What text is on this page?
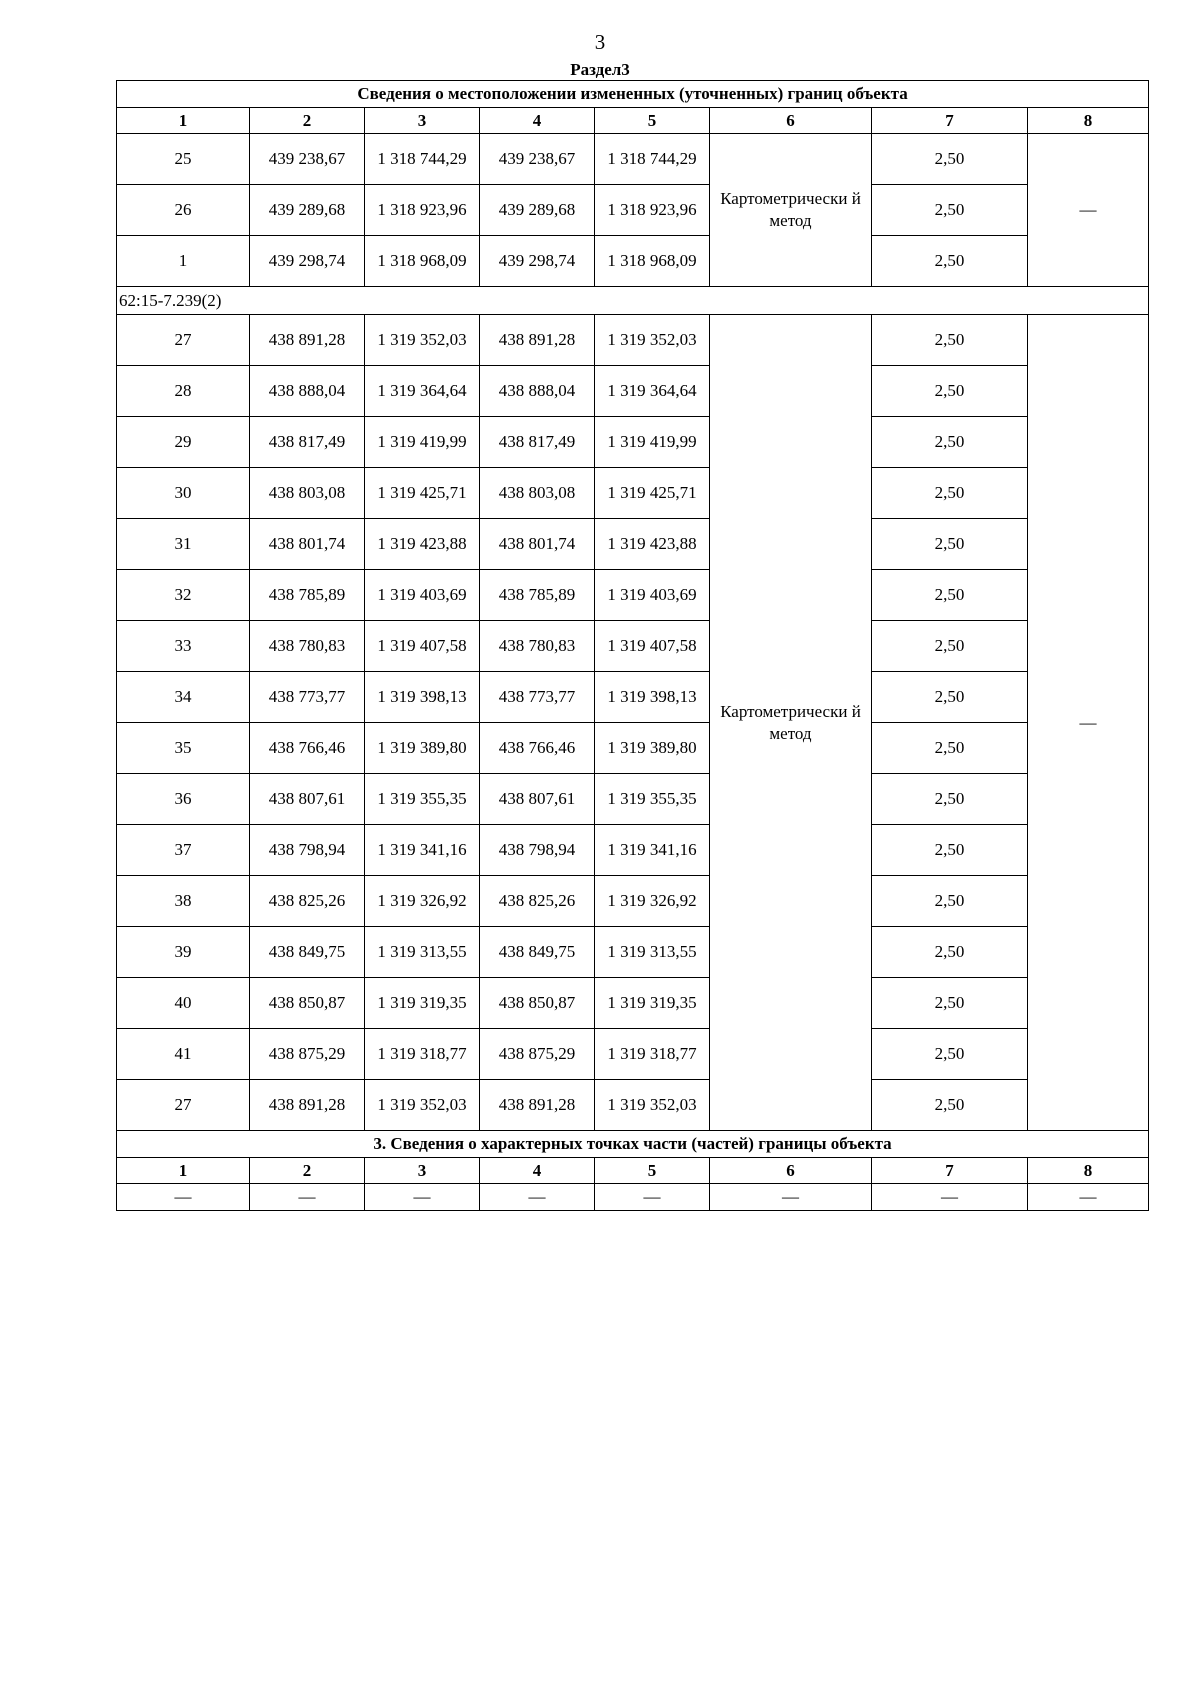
3
Раздел3
Сведения о местоположении измененных (уточненных) границ объекта							
1	2	3	4	5	6	7	8
25	439 238,67	1 318 744,29	439 238,67	1 318 744,29	Картометрически й метод	2,50	—
26	439 289,68	1 318 923,96	439 289,68	1 318 923,96		2,50	
1	439 298,74	1 318 968,09	439 298,74	1 318 968,09		2,50	
62:15-7.239(2)							
27	438 891,28	1 319 352,03	438 891,28	1 319 352,03	Картометрически й метод	2,50	—
28	438 888,04	1 319 364,64	438 888,04	1 319 364,64		2,50	
29	438 817,49	1 319 419,99	438 817,49	1 319 419,99		2,50	
30	438 803,08	1 319 425,71	438 803,08	1 319 425,71		2,50	
31	438 801,74	1 319 423,88	438 801,74	1 319 423,88		2,50	
32	438 785,89	1 319 403,69	438 785,89	1 319 403,69		2,50	
33	438 780,83	1 319 407,58	438 780,83	1 319 407,58		2,50	
34	438 773,77	1 319 398,13	438 773,77	1 319 398,13		2,50	
35	438 766,46	1 319 389,80	438 766,46	1 319 389,80		2,50	
36	438 807,61	1 319 355,35	438 807,61	1 319 355,35		2,50	
37	438 798,94	1 319 341,16	438 798,94	1 319 341,16		2,50	
38	438 825,26	1 319 326,92	438 825,26	1 319 326,92		2,50	
39	438 849,75	1 319 313,55	438 849,75	1 319 313,55		2,50	
40	438 850,87	1 319 319,35	438 850,87	1 319 319,35		2,50	
41	438 875,29	1 319 318,77	438 875,29	1 319 318,77		2,50	
27	438 891,28	1 319 352,03	438 891,28	1 319 352,03		2,50	
3. Сведения о характерных точках части (частей) границы объекта							
1	2	3	4	5	6	7	8
—	—	—	—	—	—	—	—
